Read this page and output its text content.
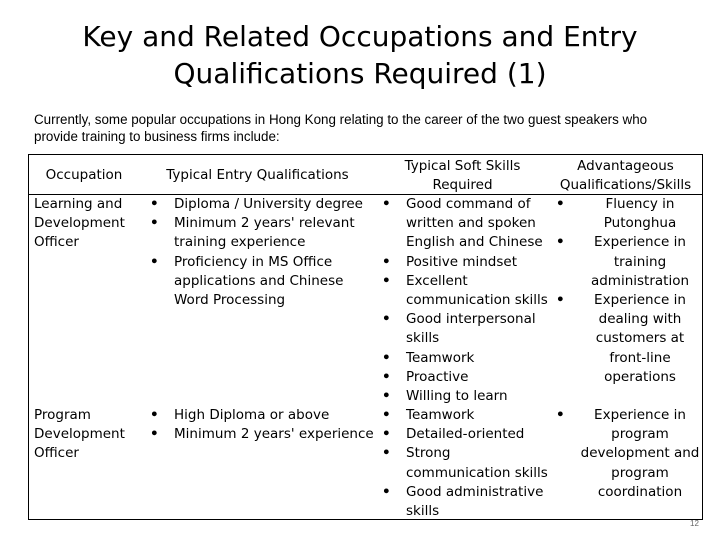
Key and Related Occupations and Entry
Qualifications Required (1)
Currently, some popular occupations in Hong Kong relating to the career of the two guest speakers who
provide training to business firms include:
Occupation	Typical Entry Qualifications
Typical Soft Skills
Required
Advantageous
Qualifications/Skills
Learning and
Development
Officer
• Diploma / University degree
• Minimum 2 years' relevant
training experience
• Proficiency in MS Office
applications and Chinese
Word Processing
• Good command of
written and spoken
English and Chinese
• Positive mindset
• Excellent
communication skills
• Good interpersonal
skills
• Teamwork
• Proactive
• Willing to learn
• Fluency in
Putonghua
• Experience in
training
administration
• Experience in
dealing with
customers at
front-line
operations
Program
Development
Officer
• High Diploma or above
• Minimum 2 years' experience
• Teamwork
• Detailed-oriented
• Strong
communication skills
• Good administrative
skills
• Experience in
program
development and
program
coordination
12
